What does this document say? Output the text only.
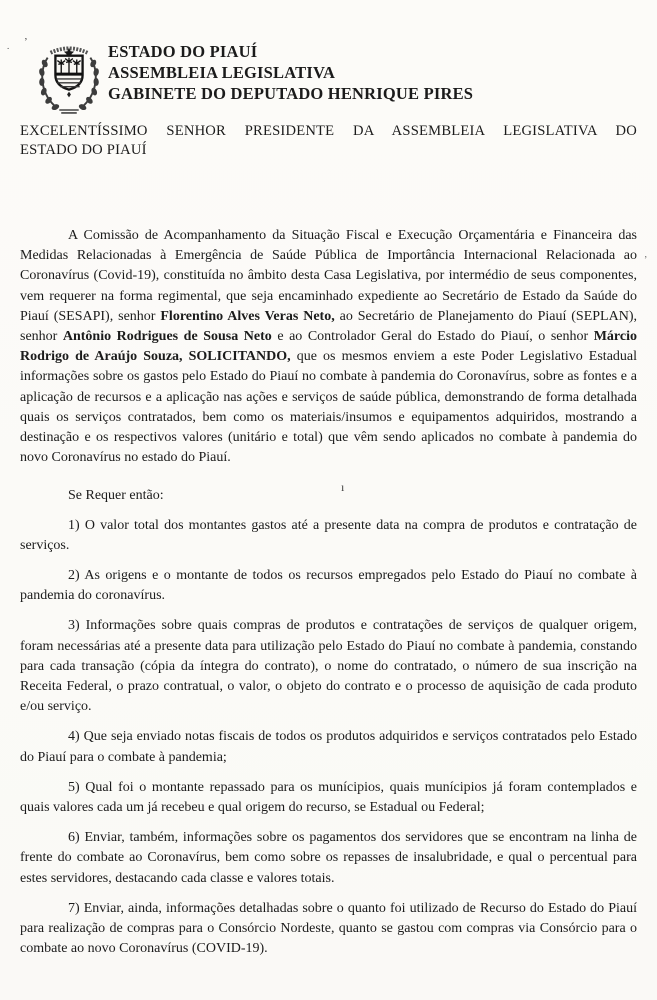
ESTADO DO PIAUÍ
ASSEMBLEIA LEGISLATIVA
GABINETE DO DEPUTADO HENRIQUE PIRES
EXCELENTÍSSIMO SENHOR PRESIDENTE DA ASSEMBLEIA LEGISLATIVA DO
ESTADO DO PIAUÍ

A Comissão de Acompanhamento da Situação Fiscal e Execução Orçamentária e Financeira das Medidas Relacionadas à Emergência de Saúde Pública de Importância Internacional Relacionada ao Coronavírus (Covid-19), constituída no âmbito desta Casa Legislativa, por intermédio de seus componentes, vem requerer na forma regimental, que seja encaminhado expediente ao Secretário de Estado da Saúde do Piauí (SESAPI), senhor Florentino Alves Veras Neto, ao Secretário de Planejamento do Piauí (SEPLAN), senhor Antônio Rodrigues de Sousa Neto e ao Controlador Geral do Estado do Piauí, o senhor Márcio Rodrigo de Araújo Souza, SOLICITANDO, que os mesmos enviem a este Poder Legislativo Estadual informações sobre os gastos pelo Estado do Piauí no combate à pandemia do Coronavírus, sobre as fontes e a aplicação de recursos e a aplicação nas ações e serviços de saúde pública, demonstrando de forma detalhada quais os serviços contratados, bem como os materiais/insumos e equipamentos adquiridos, mostrando a destinação e os respectivos valores (unitário e total) que vêm sendo aplicados no combate à pandemia do novo Coronavírus no estado do Piauí.

Se Requer então:

1) O valor total dos montantes gastos até a presente data na compra de produtos e contratação de serviços.

2) As origens e o montante de todos os recursos empregados pelo Estado do Piauí no combate à pandemia do coronavírus.

3) Informações sobre quais compras de produtos e contratações de serviços de qualquer origem, foram necessárias até a presente data para utilização pelo Estado do Piauí no combate à pandemia, constando para cada transação (cópia da íntegra do contrato), o nome do contratado, o número de sua inscrição na Receita Federal, o prazo contratual, o valor, o objeto do contrato e o processo de aquisição de cada produto e/ou serviço.

4) Que seja enviado notas fiscais de todos os produtos adquiridos e serviços contratados pelo Estado do Piauí para o combate à pandemia;

5) Qual foi o montante repassado para os munícipios, quais munícipios já foram contemplados e quais valores cada um já recebeu e qual origem do recurso, se Estadual ou Federal;

6) Enviar, também, informações sobre os pagamentos dos servidores que se encontram na linha de frente do combate ao Coronavírus, bem como sobre os repasses de insalubridade, e qual o percentual para estes servidores, destacando cada classe e valores totais.

7) Enviar, ainda, informações detalhadas sobre o quanto foi utilizado de Recurso do Estado do Piauí para realização de compras para o Consórcio Nordeste, quanto se gastou com compras via Consórcio para o combate ao novo Coronavírus (COVID-19).

. ’
’
ı
